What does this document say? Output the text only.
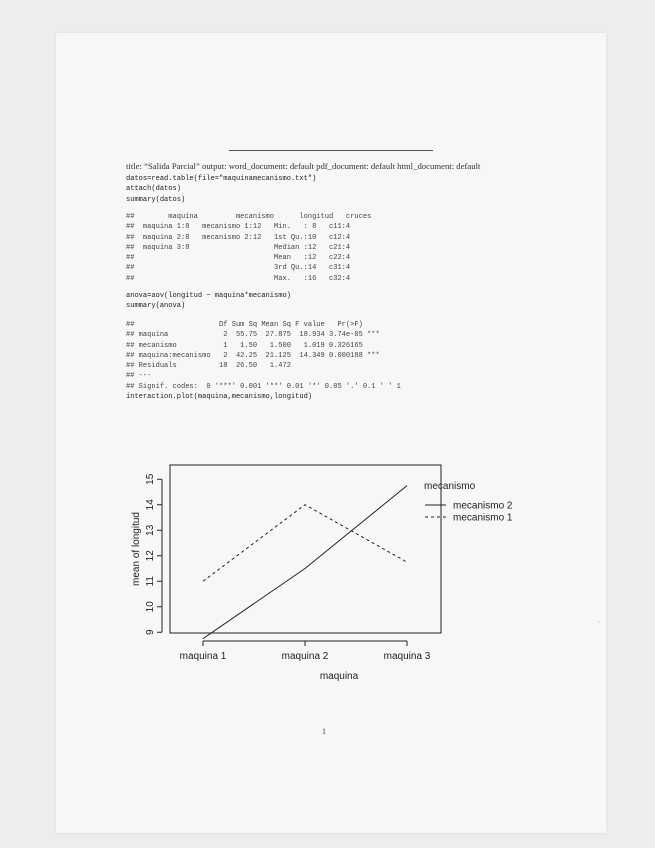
title: “Salida Parcial” output: word_document: default pdf_document: default html_document: default
datos=read.table(file="maquinamecanismo.txt")
attach(datos)
summary(datos)
##        maquina         mecanismo      longitud   cruces
##  maquina 1:8   mecanismo 1:12   Min.   : 8   c11:4
##  maquina 2:8   mecanismo 2:12   1st Qu.:10   c12:4
##  maquina 3:8                    Median :12   c21:4
##                                 Mean   :12   c22:4
##                                 3rd Qu.:14   c31:4
##                                 Max.   :16   c32:4
anova=aov(longitud ~ maquina*mecanismo)
summary(anova)
##                    Df Sum Sq Mean Sq F value   Pr(>F)
## maquina             2  55.75  27.875  18.934 3.74e-05 ***
## mecanismo           1   1.50   1.500   1.019 0.326165
## maquina:mecanismo   2  42.25  21.125  14.349 0.000188 ***
## Residuals          18  26.50   1.472
## ---
## Signif. codes:  0 '***' 0.001 '**' 0.01 '*' 0.05 '.' 0.1 ' ' 1
interaction.plot(maquina,mecanismo,longitud)
9
10
11
12
13
14
15
maquina 1	maquina 2	maquina 3
mecanismo
mecanismo 2
mecanismo 1
mean of longitud
maquina
1
`
